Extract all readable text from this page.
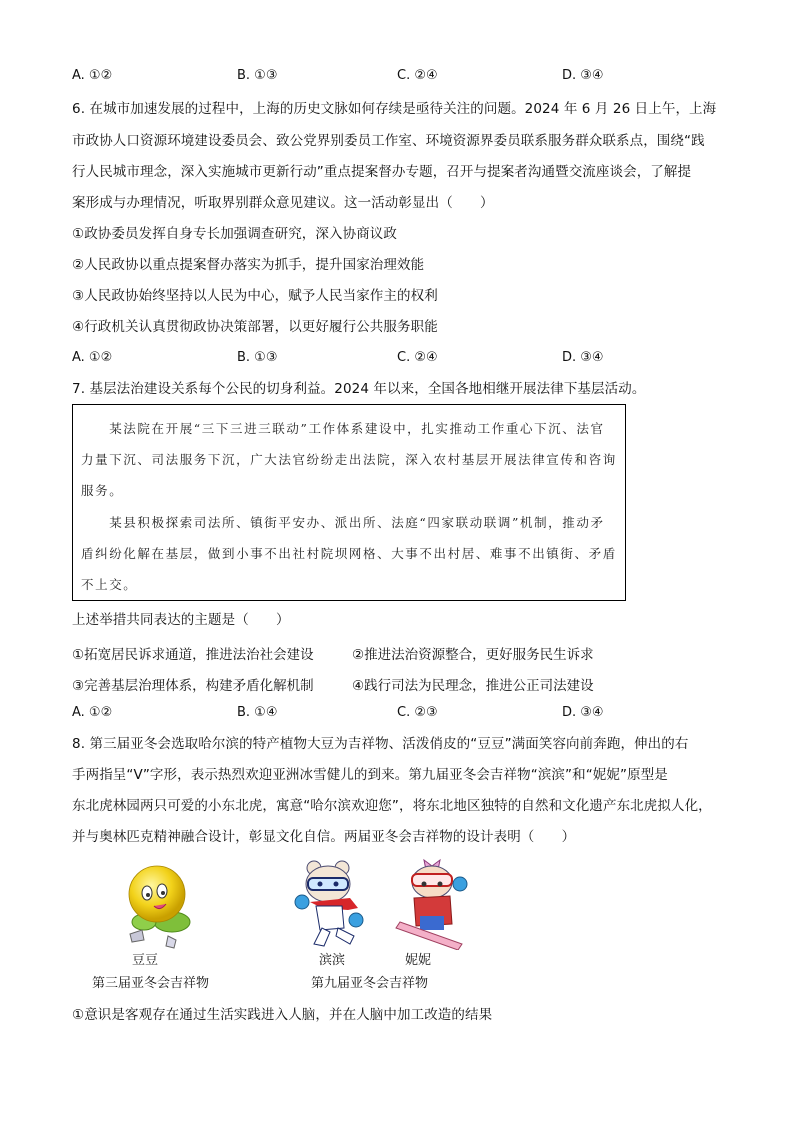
A. ①②	B. ①③	C. ②④	D. ③④
6. 在城市加速发展的过程中，上海的历史文脉如何存续是亟待关注的问题。2024 年 6 月 26 日上午，上海
市政协人口资源环境建设委员会、致公党界别委员工作室、环境资源界委员联系服务群众联系点，围绕“践
行人民城市理念，深入实施城市更新行动”重点提案督办专题，召开与提案者沟通暨交流座谈会，了解提
案形成与办理情况，听取界别群众意见建议。这一活动彰显出（　　）
①政协委员发挥自身专长加强调查研究，深入协商议政
②人民政协以重点提案督办落实为抓手，提升国家治理效能
③人民政协始终坚持以人民为中心，赋予人民当家作主的权利
④行政机关认真贯彻政协决策部署，以更好履行公共服务职能
A. ①②	B. ①③	C. ②④	D. ③④
7. 基层法治建设关系每个公民的切身利益。2024 年以来，全国各地相继开展法律下基层活动。
　　某法院在开展“三下三进三联动”工作体系建设中，扎实推动工作重心下沉、法官
力量下沉、司法服务下沉，广大法官纷纷走出法院，深入农村基层开展法律宣传和咨询
服务。
　　某县积极探索司法所、镇街平安办、派出所、法庭“四家联动联调”机制，推动矛
盾纠纷化解在基层，做到小事不出社村院坝网格、大事不出村居、难事不出镇街、矛盾
不上交。
上述举措共同表达的主题是（　　）
①拓宽居民诉求通道，推进法治社会建设	②推进法治资源整合，更好服务民生诉求
③完善基层治理体系，构建矛盾化解机制	④践行司法为民理念，推进公正司法建设
A. ①②	B. ①④	C. ②③	D. ③④
8. 第三届亚冬会选取哈尔滨的特产植物大豆为吉祥物、活泼俏皮的“豆豆”满面笑容向前奔跑，伸出的右
手两指呈“V”字形，表示热烈欢迎亚洲冰雪健儿的到来。第九届亚冬会吉祥物“滨滨”和“妮妮”原型是
东北虎林园两只可爱的小东北虎，寓意“哈尔滨欢迎您”，将东北地区独特的自然和文化遗产东北虎拟人化，
并与奥林匹克精神融合设计，彰显文化自信。两届亚冬会吉祥物的设计表明（　　）
豆豆
第三届亚冬会吉祥物
滨滨	妮妮
第九届亚冬会吉祥物
①意识是客观存在通过生活实践进入人脑，并在人脑中加工改造的结果
